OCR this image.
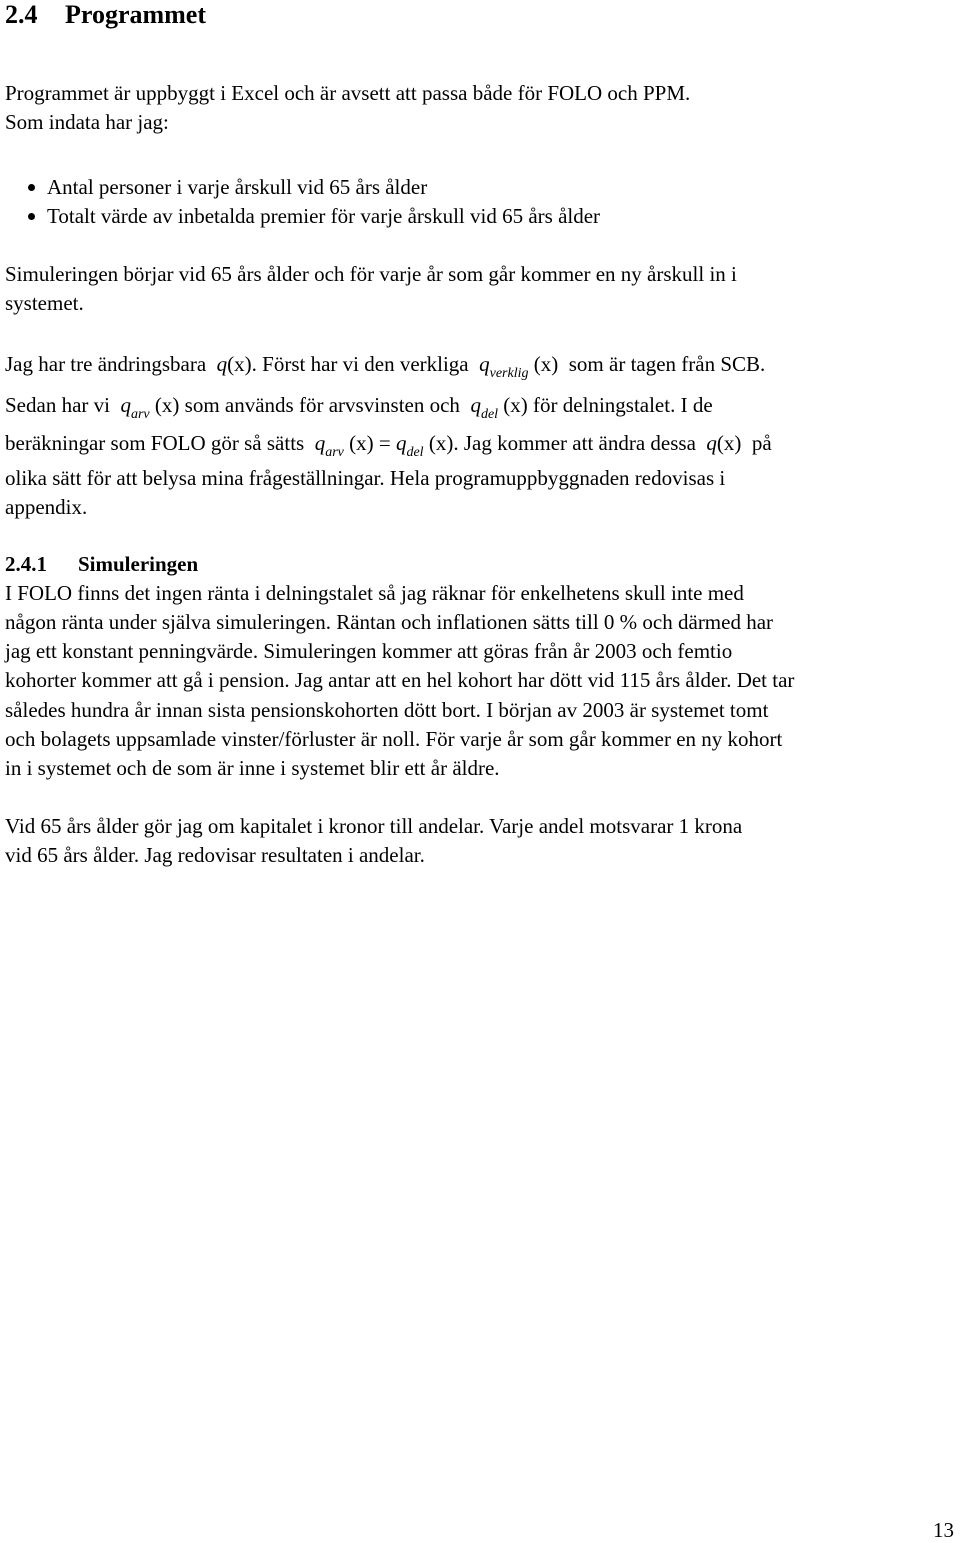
2.4 Programmet
Programmet är uppbyggt i Excel och är avsett att passa både för FOLO och PPM.
Som indata har jag:
Antal personer i varje årskull vid 65 års ålder
Totalt värde av inbetalda premier för varje årskull vid 65 års ålder
Simuleringen börjar vid 65 års ålder och för varje år som går kommer en ny årskull in i
systemet.
Jag har tre ändringsbara q(x). Först har vi den verkliga $q_{verklig}$ (x) som är tagen från SCB.
Sedan har vi $q_{arv}$ (x) som används för arvsvinsten och $q_{del}$ (x) för delningstalet. I de
beräkningar som FOLO gör så sätts $q_{arv}$ $(x) = q_{del}$ (x). Jag kommer att ändra dessa q(x) på
olika sätt för att belysa mina frågeställningar. Hela programuppbyggnaden redovisas i
appendix.
2.4.1 Simuleringen
I FOLO finns det ingen ränta i delningstalet så jag räknar för enkelhetens skull inte med
någon ränta under själva simuleringen. Räntan och inflationen sätts till 0 % och därmed har
jag ett konstant penningvärde. Simuleringen kommer att göras från år 2003 och femtio
kohorter kommer att gå i pension. Jag antar att en hel kohort har dött vid 115 års ålder. Det tar
således hundra år innan sista pensionskohorten dött bort. I början av 2003 är systemet tomt
och bolagets uppsamlade vinster/förluster är noll. För varje år som går kommer en ny kohort
in i systemet och de som är inne i systemet blir ett år äldre.
Vid 65 års ålder gör jag om kapitalet i kronor till andelar. Varje andel motsvarar 1 krona
vid 65 års ålder. Jag redovisar resultaten i andelar.
13
